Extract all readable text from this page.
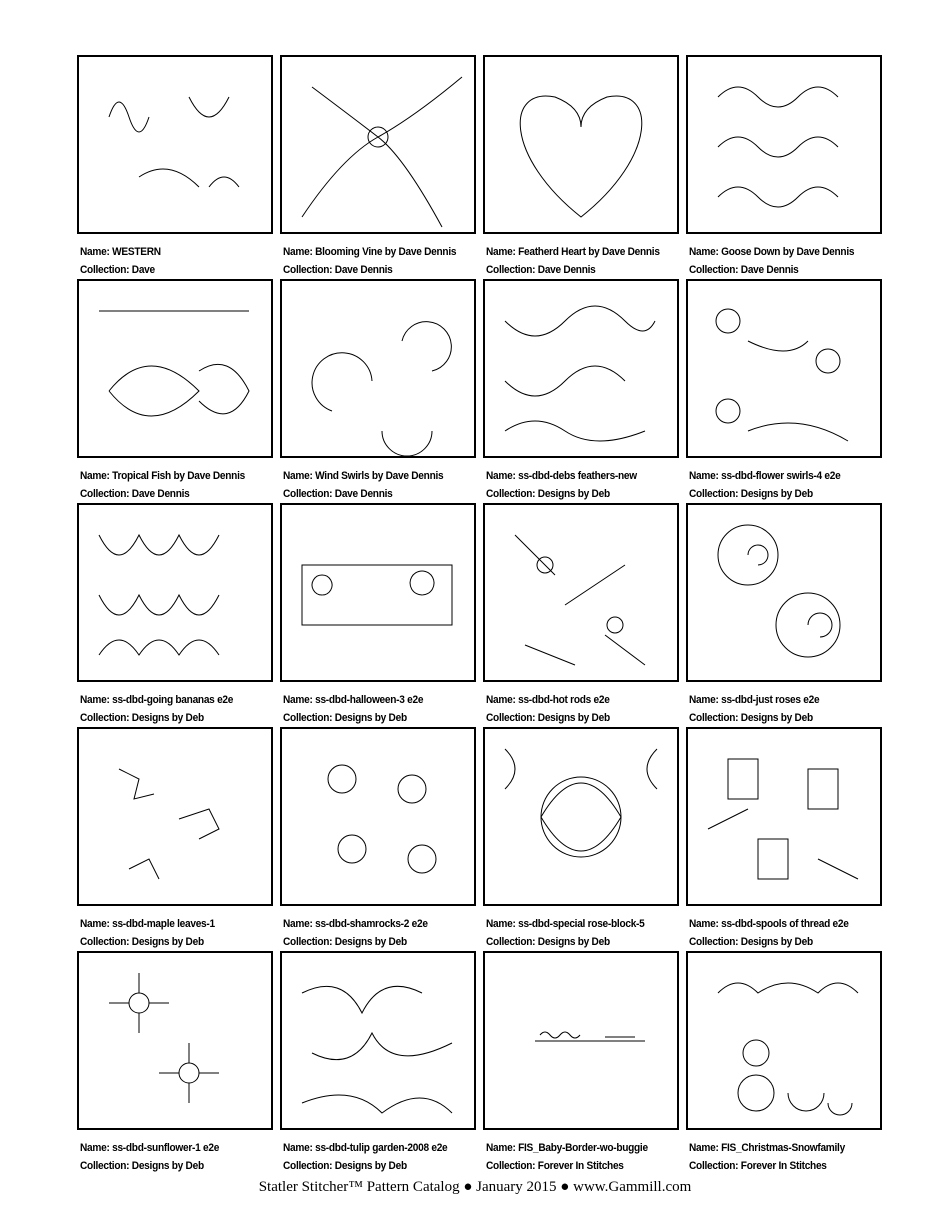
Name: WESTERN
Collection: Dave
Name: Blooming Vine by Dave Dennis
Collection: Dave Dennis
Name: Featherd Heart by Dave Dennis
Collection: Dave Dennis
Name: Goose Down by Dave Dennis
Collection: Dave Dennis
Name: Tropical Fish by Dave Dennis
Collection: Dave Dennis
Name: Wind Swirls by Dave Dennis
Collection: Dave Dennis
Name: ss-dbd-debs feathers-new
Collection: Designs by Deb
Name: ss-dbd-flower swirls-4 e2e
Collection: Designs by Deb
Name: ss-dbd-going bananas e2e
Collection: Designs by Deb
Name: ss-dbd-halloween-3 e2e
Collection: Designs by Deb
Name: ss-dbd-hot rods e2e
Collection: Designs by Deb
Name: ss-dbd-just roses e2e
Collection: Designs by Deb
Name: ss-dbd-maple leaves-1
Collection: Designs by Deb
Name: ss-dbd-shamrocks-2 e2e
Collection: Designs by Deb
Name: ss-dbd-special rose-block-5
Collection: Designs by Deb
Name: ss-dbd-spools of thread e2e
Collection: Designs by Deb
Name: ss-dbd-sunflower-1 e2e
Collection: Designs by Deb
Name: ss-dbd-tulip garden-2008 e2e
Collection: Designs by Deb
Name: FIS_Baby-Border-wo-buggie
Collection: Forever In Stitches
Name: FIS_Christmas-Snowfamily
Collection: Forever In Stitches
Statler Stitcher™ Pattern Catalog ● January 2015 ● www.Gammill.com
